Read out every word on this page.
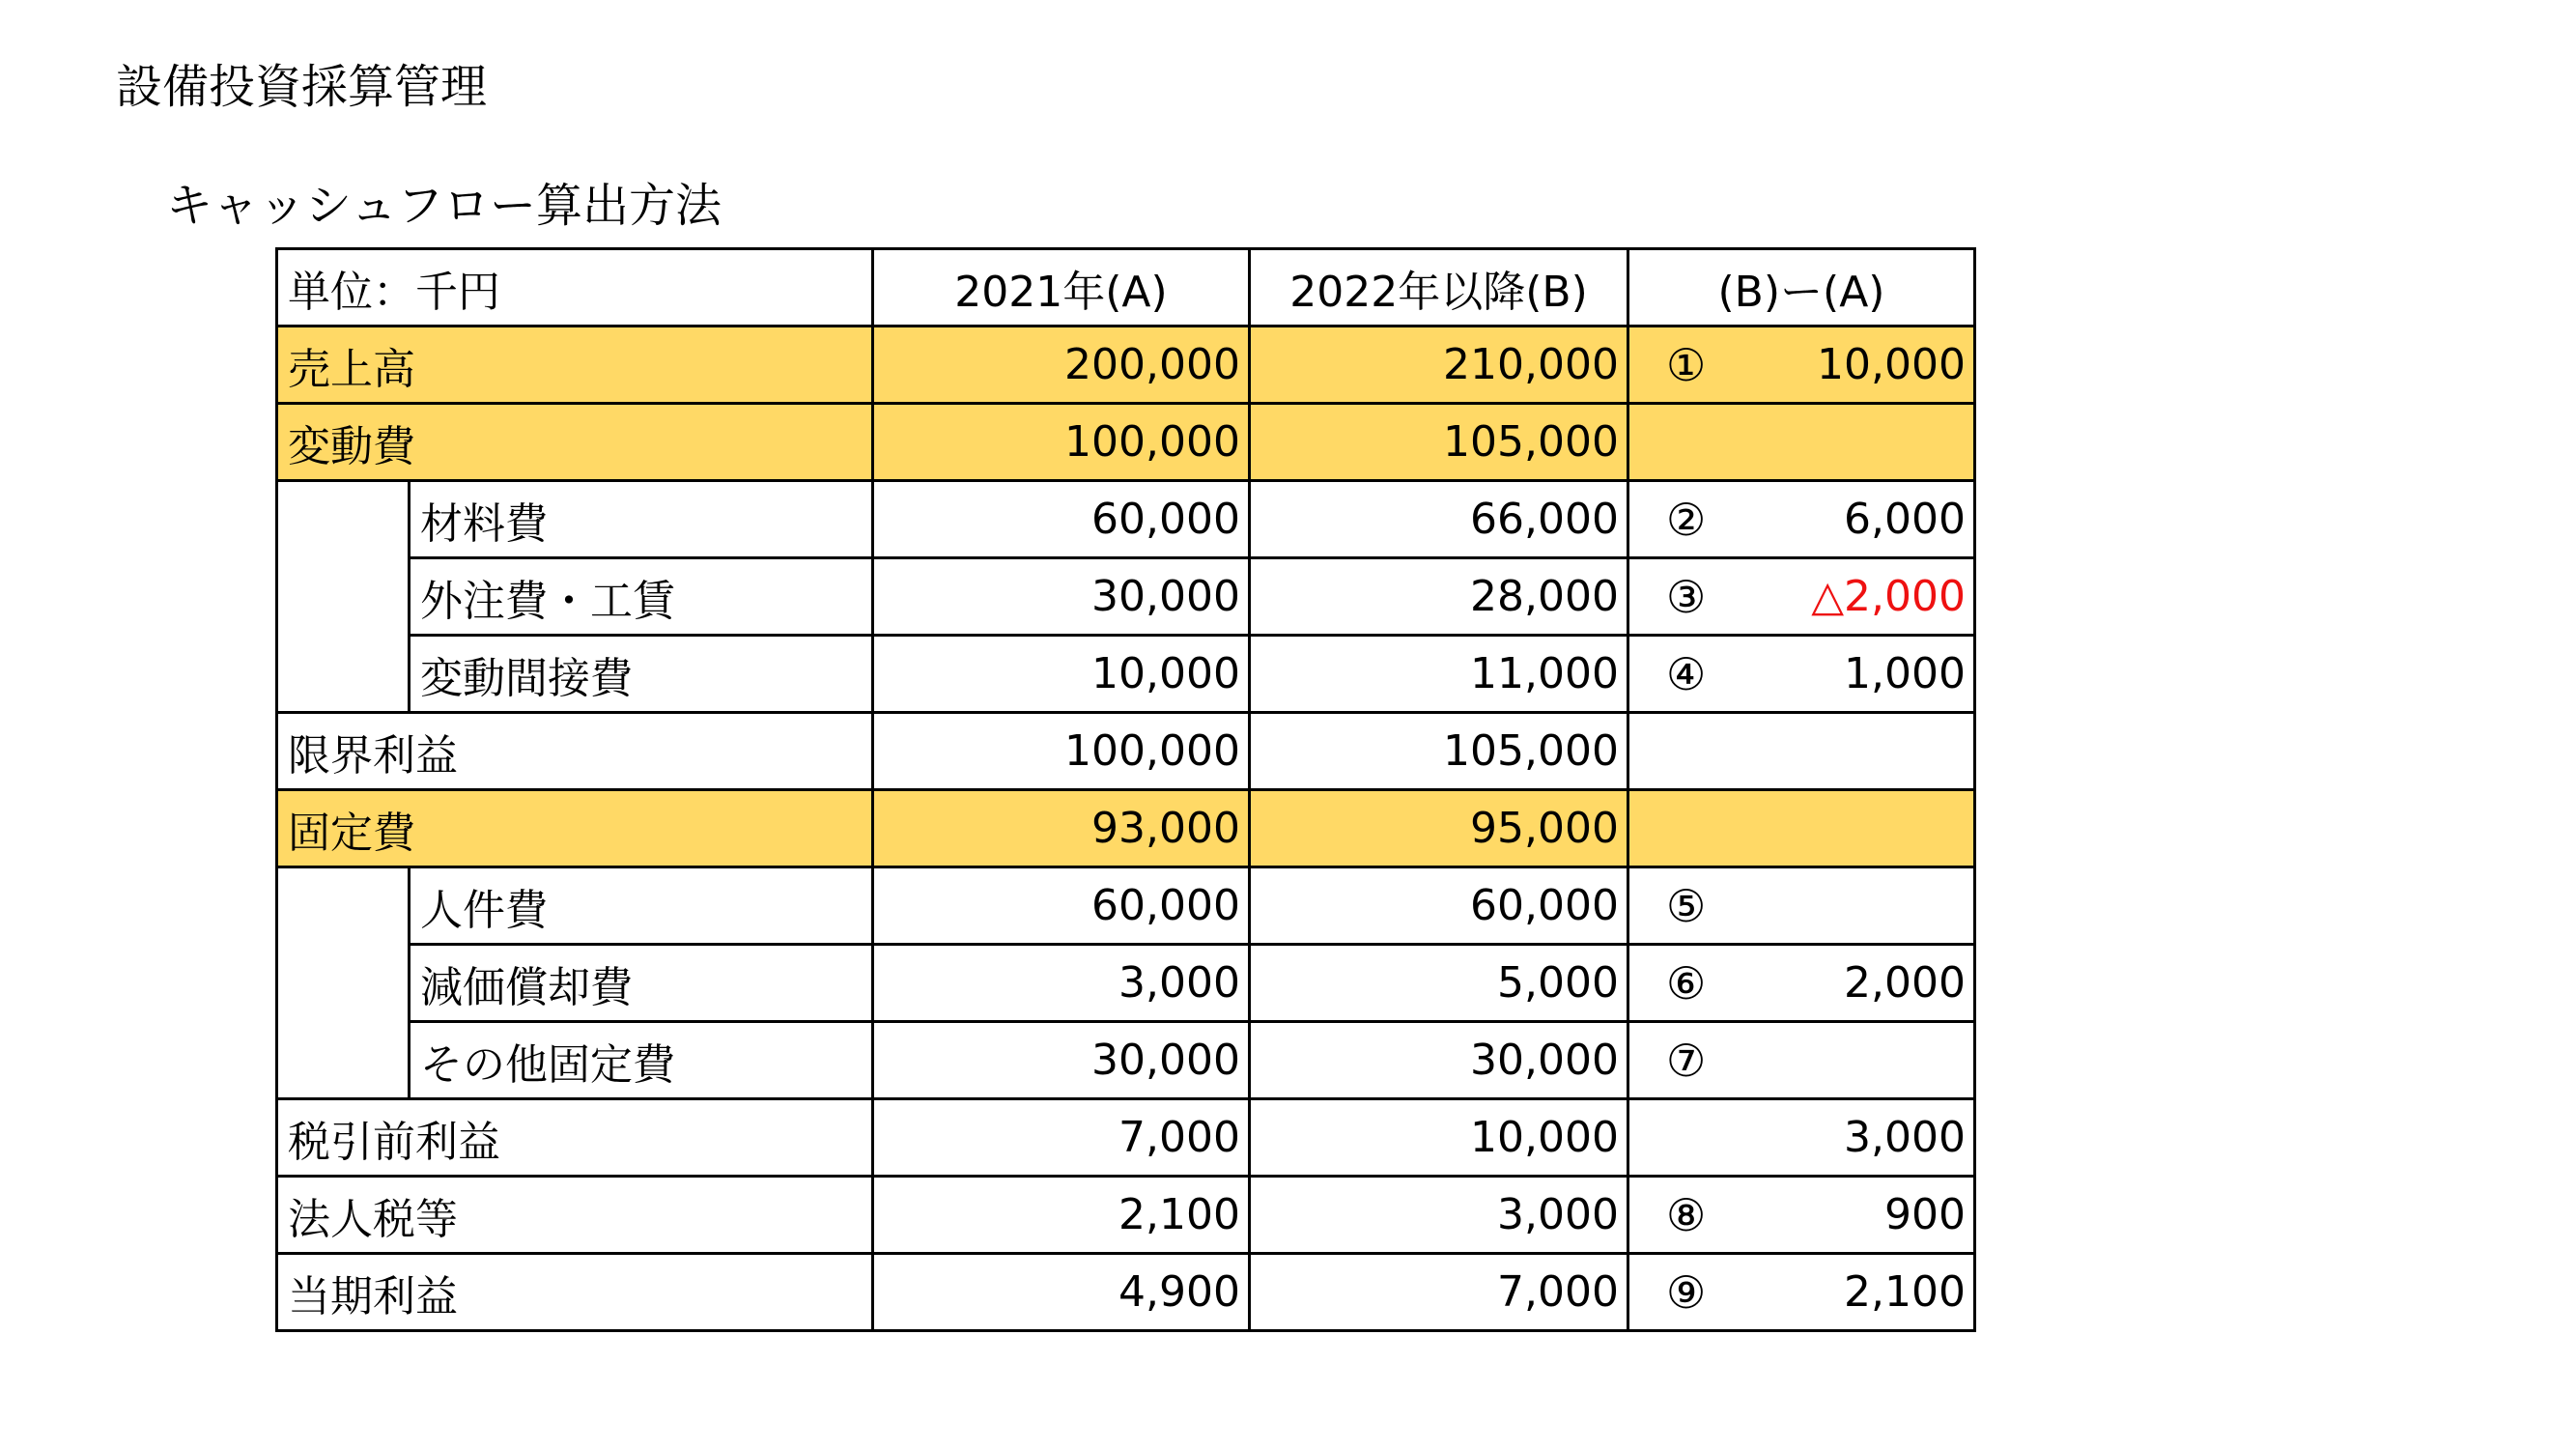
設備投資採算管理
キャッシュフロー算出方法
単位：千円		2021年(A)	2022年以降(B)	(B)ー(A)
売上高		200,000	210,000	① 10,000

変動費		100,000	105,000	

	材料費	60,000	66,000	② 6,000

	外注費・工賃	30,000	28,000	③ △2,000

	変動間接費	10,000	11,000	④ 1,000

限界利益		100,000	105,000	

固定費		93,000	95,000	

	人件費	60,000	60,000	⑤

	減価償却費	3,000	5,000	⑥ 2,000

	その他固定費	30,000	30,000	⑦

税引前利益		7,000	10,000	3,000

法人税等		2,100	3,000	⑧ 900

当期利益		4,900	7,000	⑨ 2,100
